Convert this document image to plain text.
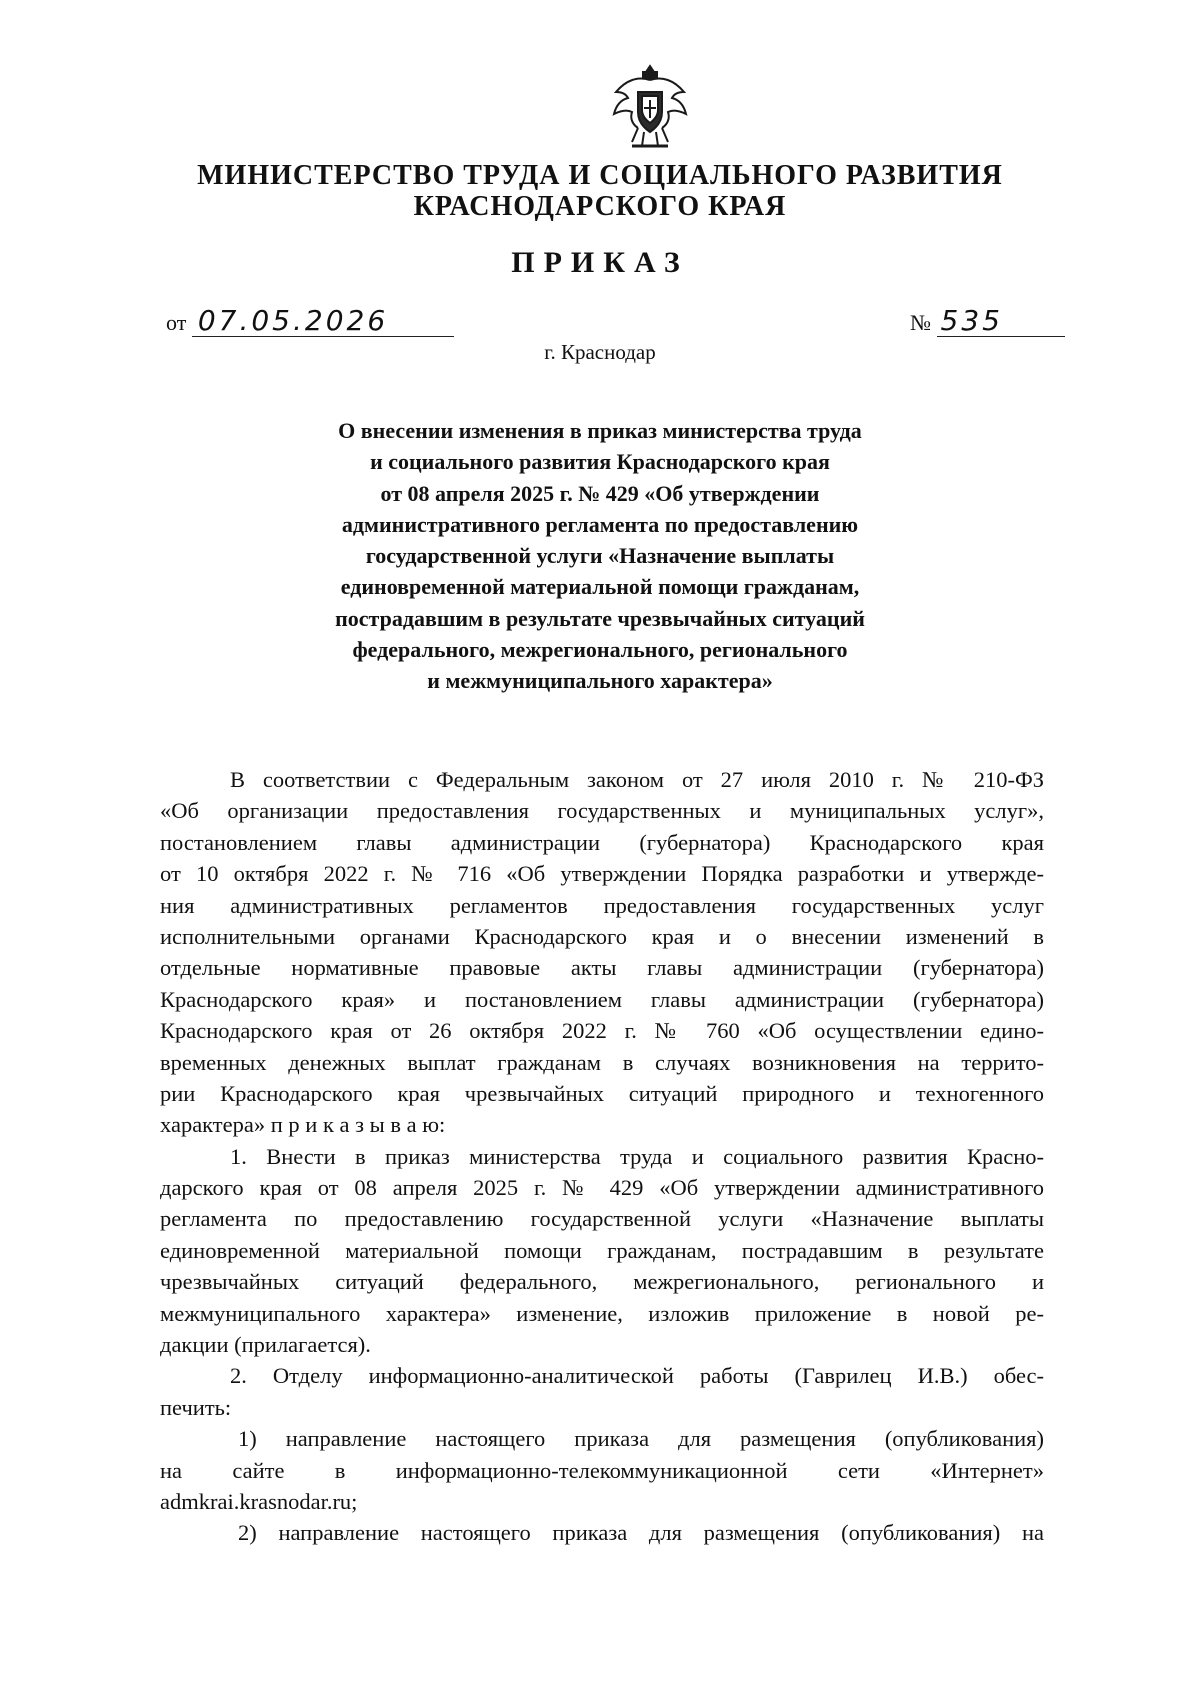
МИНИСТЕРСТВО ТРУДА И СОЦИАЛЬНОГО РАЗВИТИЯ
КРАСНОДАРСКОГО КРАЯ
ПРИКАЗ
от 07.05.2026	№ 535
г. Краснодар
О внесении изменения в приказ министерства труда
и социального развития Краснодарского края
от 08 апреля 2025 г. № 429 «Об утверждении
административного регламента по предоставлению
государственной услуги «Назначение выплаты
единовременной материальной помощи гражданам,
пострадавшим в результате чрезвычайных ситуаций
федерального, межрегионального, регионального
и межмуниципального характера»
В соответствии с Федеральным законом от 27 июля 2010 г. № 210-ФЗ
«Об организации предоставления государственных и муниципальных услуг»,
постановлением главы администрации (губернатора) Краснодарского края
от 10 октября 2022 г. № 716 «Об утверждении Порядка разработки и утвержде-
ния административных регламентов предоставления государственных услуг
исполнительными органами Краснодарского края и о внесении изменений в
отдельные нормативные правовые акты главы администрации (губернатора)
Краснодарского края» и постановлением главы администрации (губернатора)
Краснодарского края от 26 октября 2022 г. № 760 «Об осуществлении едино-
временных денежных выплат гражданам в случаях возникновения на террито-
рии Краснодарского края чрезвычайных ситуаций природного и техногенного
характера» п р и к а з ы в а ю:
1. Внести в приказ министерства труда и социального развития Красно-
дарского края от 08 апреля 2025 г. № 429 «Об утверждении административного
регламента по предоставлению государственной услуги «Назначение выплаты
единовременной материальной помощи гражданам, пострадавшим в результате
чрезвычайных ситуаций федерального, межрегионального, регионального и
межмуниципального характера» изменение, изложив приложение в новой ре-
дакции (прилагается).
2. Отделу информационно-аналитической работы (Гаврилец И.В.) обес-
печить:
1) направление настоящего приказа для размещения (опубликования)
на сайте в информационно-телекоммуникационной сети «Интернет»
admkrai.krasnodar.ru;
2) направление настоящего приказа для размещения (опубликования) на
